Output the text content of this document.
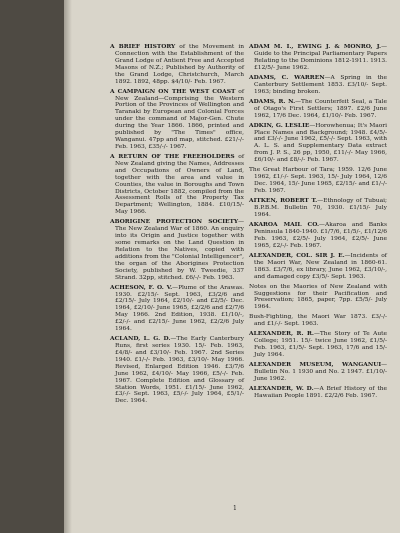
A BRIEF HISTORY of the Movement in Connection with the Establishment of the Grand Lodge of Antient Free and Accepted Masons of N.Z.; Published by Authority of the Grand Lodge, Christchurch, March 1892. 1892, 48pp. $4/10/- Feb. 1967.

A CAMPAIGN ON THE WEST COAST of New Zealand—Comprising the Western Portion of the Provinces of Wellington and Taranaki by European and Colonial Forces under the command of Major-Gen. Chute during the Year 1866. 1866, printed and published by "The Times" office, Wanganui. 47pp and map, stitched. £21/-/- Feb. 1963, £35/-/- 1967.

A RETURN OF THE FREEHOLDERS of New Zealand giving the Names, Addresses and Occupations of Owners of Land, together with the area and value in Counties, the value in Boroughs and Town Districts, October 1882, compiled from the Assessment Rolls of the Property Tax Department; Wellington, 1884. £10/15/- May 1966.

ABORIGINE PROTECTION SOCIETY—The New Zealand War of 1860. An enquiry into its Origin and Justice together with some remarks on the Land Question in Relation to the Natives, copied with additions from the "Colonial Intelligencer", the organ of the Aborigines Protection Society, published by W. Tweedie, 337 Strand. 32pp, stitched. £6/-/- Feb. 1963.

ACHESON, F. O. V.—Plume of the Arawas. 1930. £2/15/- Sept. 1963, £3/2/6 and £2/15/- July 1964, £2/10/- and £2/5/- Dec. 1964, £2/10/- June 1965, £2/2/6 and £2/7/6 May 1966. 2nd Edition, 1938. £1/10/-, £2/-/- and £2/15/- June 1962, £2/2/6 July 1964.

ACLAND, L. G. D.—The Early Canterbury Runs, first series 1930. 15/- Feb. 1963, £4/8/- and £3/10/- Feb. 1967. 2nd Series 1940. £1/-/- Feb. 1963, £3/10/- May 1966. Revised, Enlarged Edition 1946. £3/7/6 June 1962, £4/10/- May 1966, £5/-/- Feb. 1967. Complete Edition and Glossary of Station Words, 1951. £1/15/- June 1962, £3/-/- Sept. 1963, £5/-/- July 1964, £5/1/- Dec. 1964.

ADAM M. I., EWING J. & MONRO, J.—Guide to the Principal Parliamentary Papers Relating to the Dominions 1812-1911. 1913. £12/5/- June 1962.

ADAMS, C. WARREN—A Spring in the Canterbury Settlement 1853. £3/10/- Sept. 1963; binding broken.

ADAMS, R. N.—The Counterfeit Seal, a Tale of Otago's First Settlers; 1897. £2/6 June 1962, 17/6 Dec. 1964, £1/10/- Feb. 1967.

ADKIN, G. LESLIE—Horowhenua; It's Maori Place Names and Background; 1948. £4/5/- and £3/-/- June 1962, £5/-/- Sept. 1963, with A. L. S. and Supplementary Data extract from J. P. S., 26 pp, 1950, £11/-/- May 1966, £6/10/- and £8/-/- Feb. 1967.

The Great Harbour of Tara; 1959. 12/6 June 1962, £1/-/- Sept. 1963, 15/- July 1964, 12/6 Dec. 1964, 15/- June 1965, £2/15/- and £1/-/- Feb. 1967.

AITKEN, ROBERT T.—Ethnology of Tubuai; B.P.B.M. Bulletin 70, 1930. £1/15/- July 1964.

AKAROA MAIL CO.—Akaroa and Banks Peninsula 1840-1940. £1/7/6, £1/5/-, £1/12/6 Feb. 1963, £2/5/- July 1964, £2/5/- June 1965, £2/-/- Feb. 1967.

ALEXANDER, COL. SIR J. E.—Incidents of the Maori War, New Zealand in 1860-61. 1863. £3/7/6, ex library, June 1962, £3/10/-, and damaged copy £3/5/- Sept. 1963.

Notes on the Maories of New Zealand with Suggestions for their Pacification and Preservation; 1865, paper, 7pp. £5/5/- July 1964.

Bush-Fighting, the Maori War 1873. £3/-/- and £1/-/- Sept. 1963.

ALEXANDER, R. R.—The Story of Te Aute College; 1951. 15/- twice June 1962, £1/5/- Feb. 1963, £1/5/- Sept. 1963, 17/6 and 15/- July 1964.

ALEXANDER MUSEUM, WANGANUI—Bulletin No. 1 1930 and No. 2 1947. £1/10/- June 1962.

ALEXANDER, W. D.—A Brief History of the Hawaiian People 1891. £2/2/6 Feb. 1967.

1
